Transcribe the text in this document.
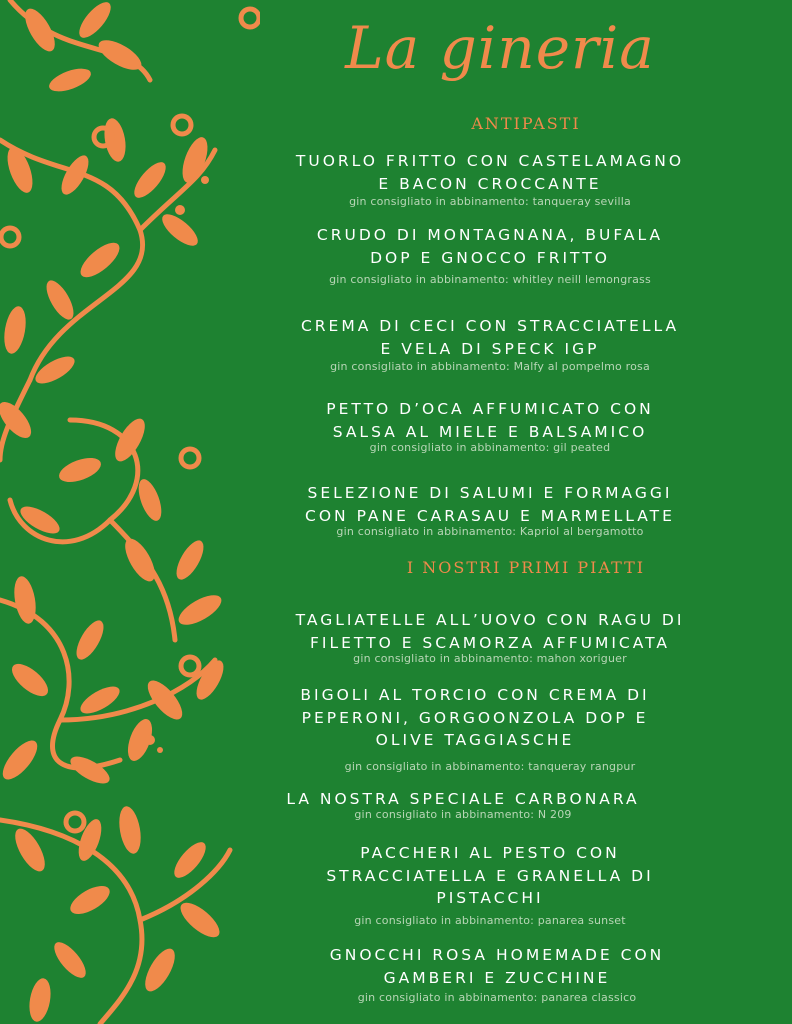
La gineria
ANTIPASTI
TUORLO FRITTO CON CASTELAMAGNO
E BACON CROCCANTE
gin consigliato in abbinamento: tanqueray sevilla
CRUDO DI MONTAGNANA, BUFALA
DOP E GNOCCO FRITTO
gin consigliato in abbinamento: whitley neill lemongrass
CREMA DI CECI CON STRACCIATELLA
E VELA DI SPECK IGP
gin consigliato in abbinamento: Malfy al pompelmo rosa
PETTO D’OCA AFFUMICATO CON
SALSA AL MIELE E BALSAMICO
gin consigliato in abbinamento: gil peated
SELEZIONE DI SALUMI E FORMAGGI
CON PANE CARASAU E MARMELLATE
gin consigliato in abbinamento: Kapriol al bergamotto
I NOSTRI PRIMI PIATTI
TAGLIATELLE ALL’UOVO CON RAGU DI
FILETTO E SCAMORZA AFFUMICATA
gin consigliato in abbinamento: mahon xoriguer
BIGOLI AL TORCIO CON CREMA DI
PEPERONI, GORGOONZOLA DOP E
OLIVE TAGGIASCHE
gin consigliato in abbinamento: tanqueray rangpur
LA NOSTRA SPECIALE CARBONARA
gin consigliato in abbinamento: N 209
PACCHERI AL PESTO CON
STRACCIATELLA E GRANELLA DI
PISTACCHI
gin consigliato in abbinamento: panarea sunset
GNOCCHI ROSA HOMEMADE CON
GAMBERI E ZUCCHINE
gin consigliato in abbinamento: panarea classico
